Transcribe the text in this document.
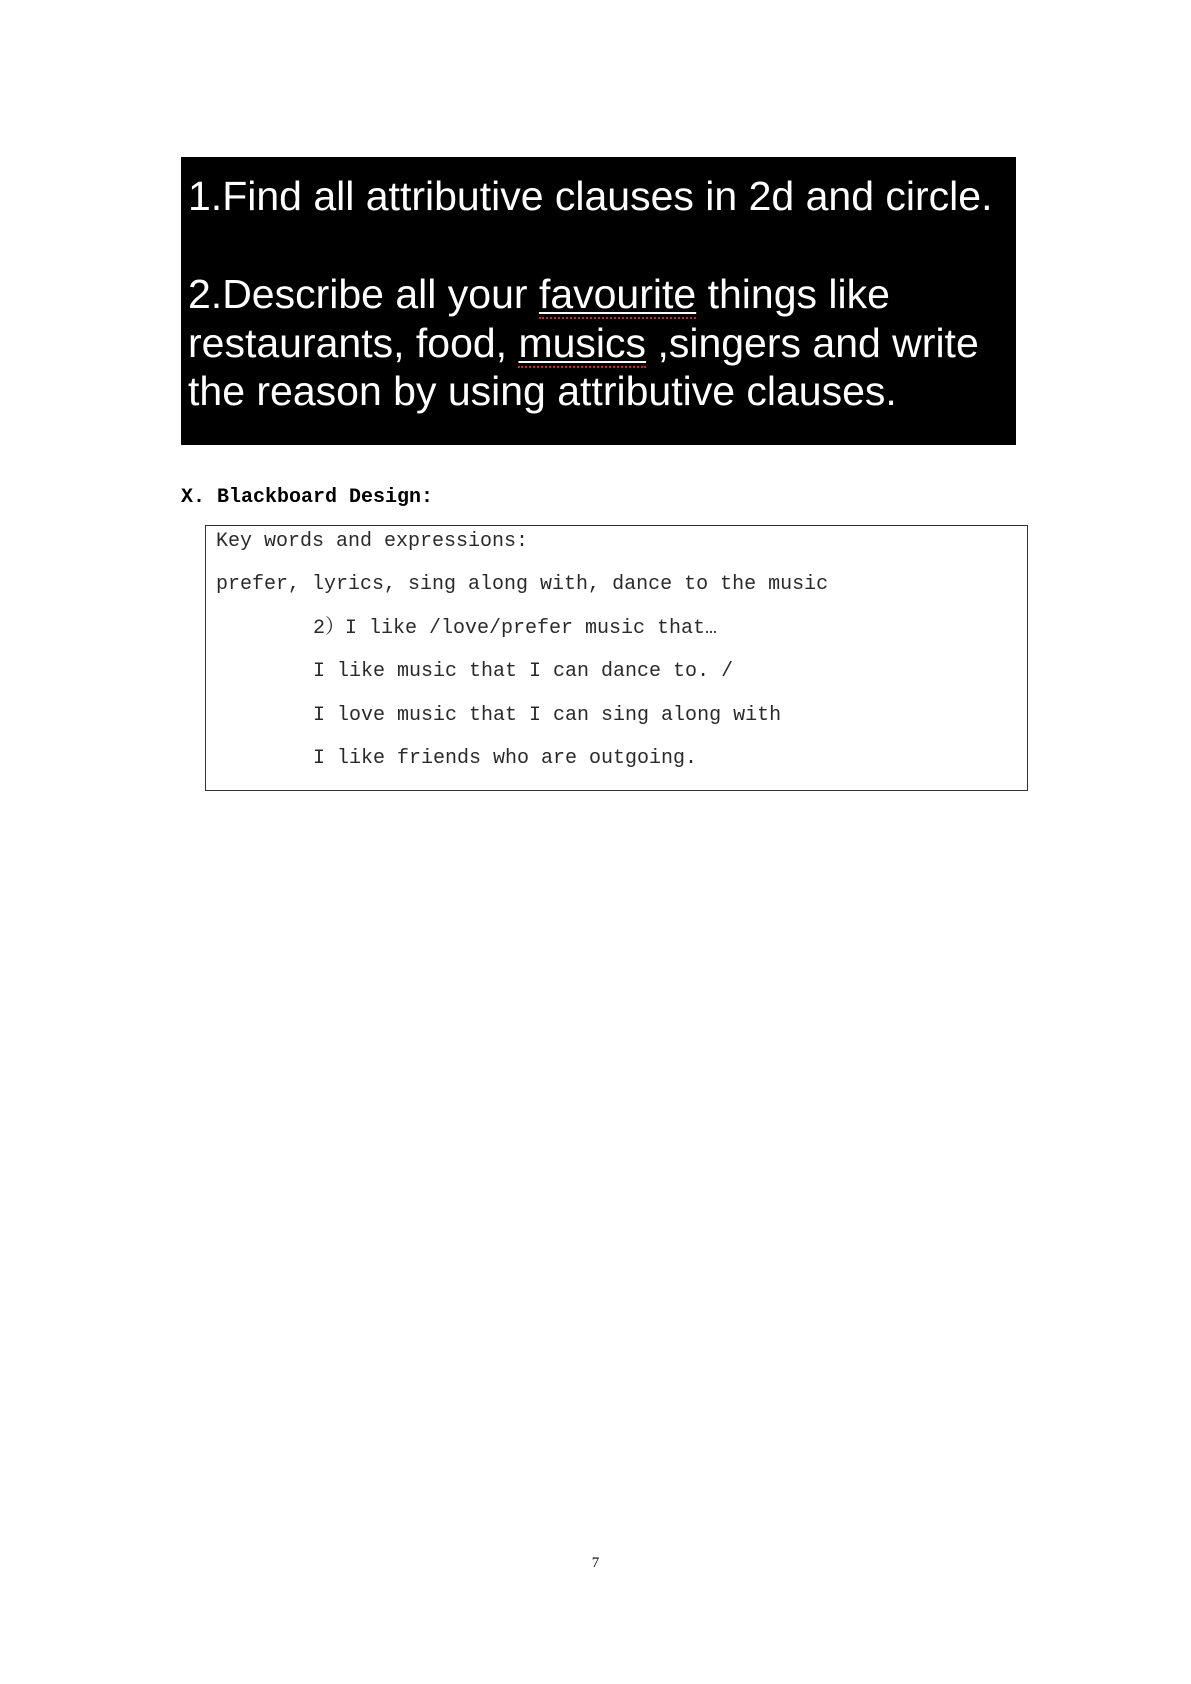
1.Find all attributive clauses in 2d and circle.
2.Describe all your favourite things like
restaurants, food, musics ,singers and write
the reason by using attributive clauses.
X. Blackboard Design:
Key words and expressions:
prefer, lyrics, sing along with, dance to the music
2）I like /love/prefer music that…
I like music that I can dance to. /
I love music that I can sing along with
I like friends who are outgoing.
7
